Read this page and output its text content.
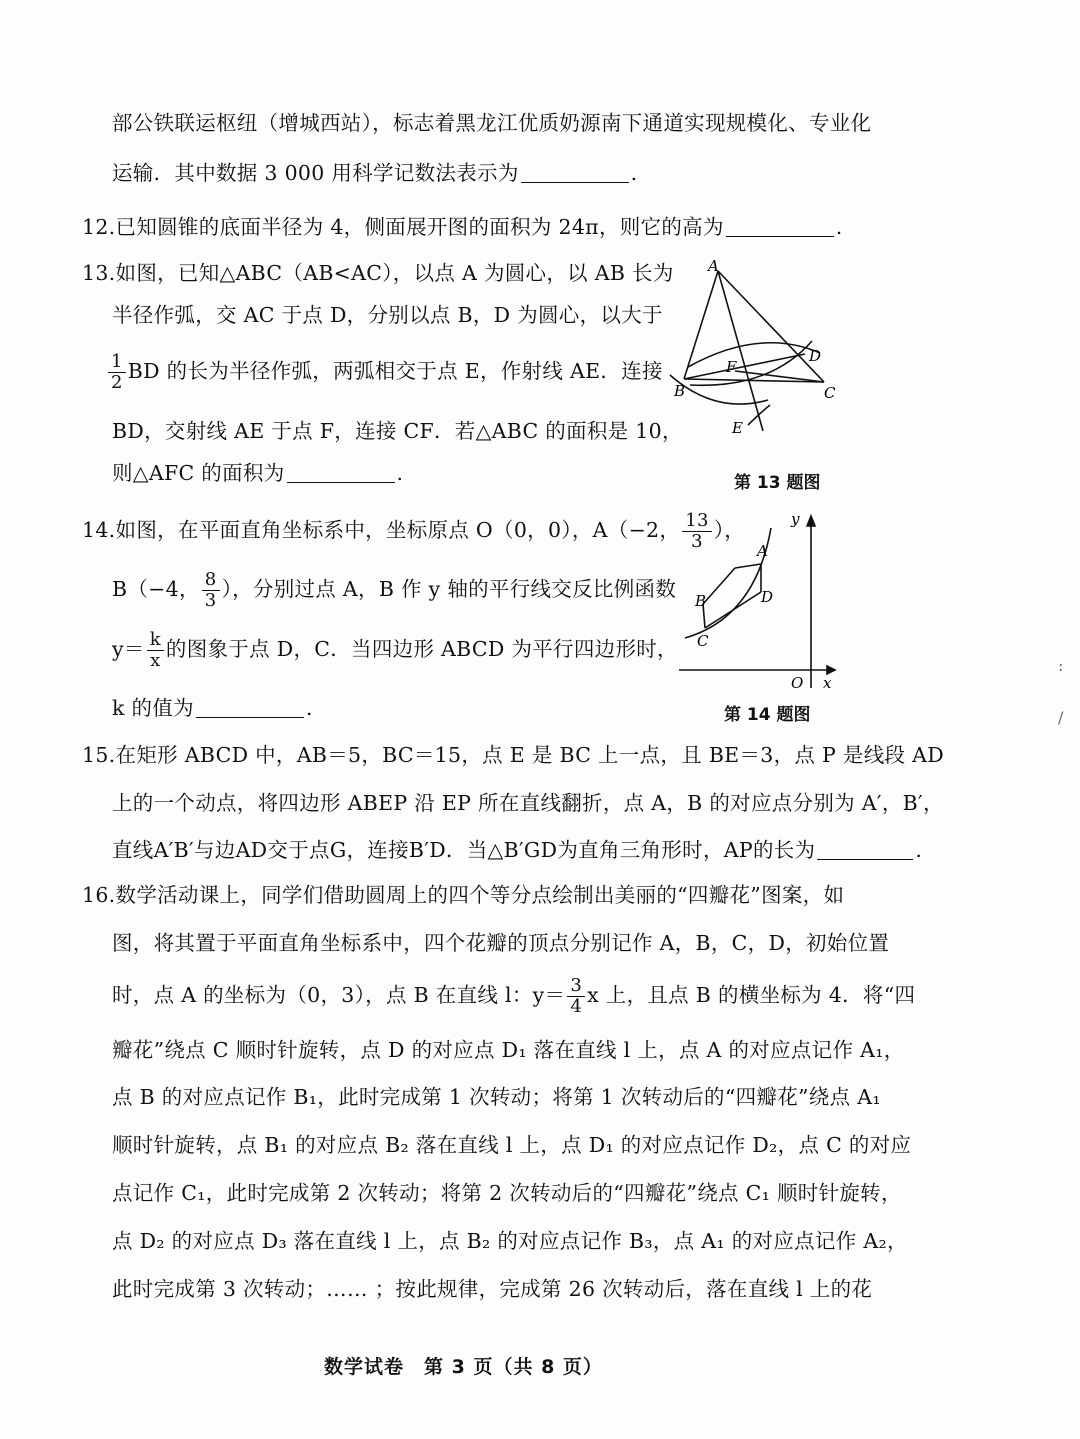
部公铁联运枢纽（增城西站），标志着黑龙江优质奶源南下通道实现规模化、专业化
运输．其中数据 3 000 用科学记数法表示为	.
12.已知圆锥的底面半径为 4，侧面展开图的面积为 24π，则它的高为	.
13.如图，已知△ABC（AB<AC），以点 A 为圆心，以 AB 长为
半径作弧，交 AC 于点 D，分别以点 B，D 为圆心，以大于
$\frac{1}{2}$ BD 的长为半径作弧，两弧相交于点 E，作射线 AE．连接
BD，交射线 AE 于点 F，连接 CF．若△ABC 的面积是 10，
则△AFC 的面积为	.
A
B	C
D
E
F
第 13 题图
14.如图，在平面直角坐标系中，坐标原点 O（0，0），A（−2， $\frac{13}{3}$ ），
B（−4， $\frac{8}{3}$ ），分别过点 A，B 作 y 轴的平行线交反比例函数
$y= \frac{k}{x}$ 的图象于点 D，C．当四边形 ABCD 为平行四边形时，
k 的值为	.
y
x
O
A
B
C
D
第 14 题图
15.在矩形 ABCD 中，AB＝5，BC＝15，点 E 是 BC 上一点，且 BE＝3，点 P 是线段 AD
上的一个动点，将四边形 ABEP 沿 EP 所在直线翻折，点 A，B 的对应点分别为 A′，B′，
直线A′B′与边AD交于点G，连接B′D．当△B′GD为直角三角形时，AP的长为	.
16.数学活动课上，同学们借助圆周上的四个等分点绘制出美丽的“四瓣花”图案，如
图，将其置于平面直角坐标系中，四个花瓣的顶点分别记作 A，B，C，D，初始位置
时，点 A 的坐标为（0，3），点 B 在直线 l：$y= \frac{3}{4}$ x 上，且点 B 的横坐标为 4．将“四
瓣花”绕点 C 顺时针旋转，点 D 的对应点 D₁ 落在直线 l 上，点 A 的对应点记作 A₁，
点 B 的对应点记作 B₁，此时完成第 1 次转动；将第 1 次转动后的“四瓣花”绕点 A₁
顺时针旋转，点 B₁ 的对应点 B₂ 落在直线 l 上，点 D₁ 的对应点记作 D₂，点 C 的对应
点记作 C₁，此时完成第 2 次转动；将第 2 次转动后的“四瓣花”绕点 C₁ 顺时针旋转，
点 D₂ 的对应点 D₃ 落在直线 l 上，点 B₂ 的对应点记作 B₃，点 A₁ 的对应点记作 A₂，
此时完成第 3 次转动；…… ；按此规律，完成第 26 次转动后，落在直线 l 上的花
数学试卷　第 3 页（共 8 页）
:
/
